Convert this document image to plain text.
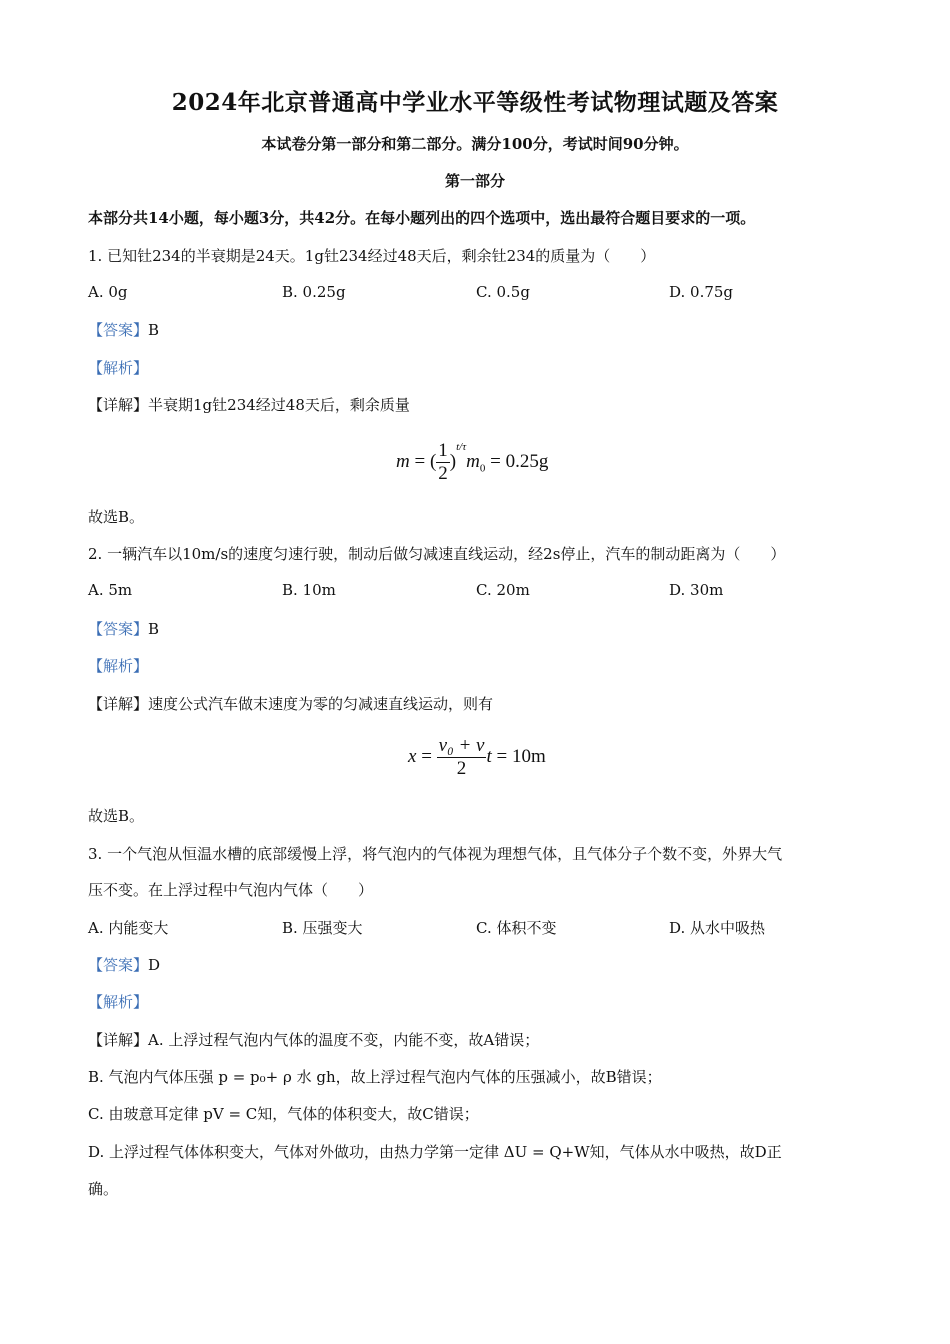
2024年北京普通高中学业水平等级性考试物理试题及答案
本试卷分第一部分和第二部分。满分100分，考试时间90分钟。
第一部分
本部分共14小题，每小题3分，共42分。在每小题列出的四个选项中，选出最符合题目要求的一项。
1. 已知钍234的半衰期是24天。1g钍234经过48天后，剩余钍234的质量为（　　）
A. 0g	B. 0.25g	C. 0.5g	D. 0.75g
【答案】B
【解析】
【详解】半衰期1g钍234经过48天后，剩余质量
m = ( $\frac{1}{2} )^{t/\tau}m_0 = 0.25g$
故选B。
2. 一辆汽车以10m/s的速度匀速行驶，制动后做匀减速直线运动，经2s停止，汽车的制动距离为（　　）
A. 5m	B. 10m	C. 20m	D. 30m
【答案】B
【解析】
【详解】速度公式汽车做末速度为零的匀减速直线运动，则有
$x = \frac{\text{v₀ + v}}{2}$ t = 10m
故选B。
3. 一个气泡从恒温水槽的底部缓慢上浮，将气泡内的气体视为理想气体，且气体分子个数不变，外界大气
压不变。在上浮过程中气泡内气体（　　）
A. 内能变大	B. 压强变大	C. 体积不变	D. 从水中吸热
【答案】D
【解析】
【详解】A. 上浮过程气泡内气体的温度不变，内能不变，故A错误；
B. 气泡内气体压强 p = p₀+ ρ 水 gh，故上浮过程气泡内气体的压强减小，故B错误；
C. 由玻意耳定律 pV = C知，气体的体积变大，故C错误；
D. 上浮过程气体体积变大，气体对外做功，由热力学第一定律 ΔU = Q+W知，气体从水中吸热，故D正
确。
